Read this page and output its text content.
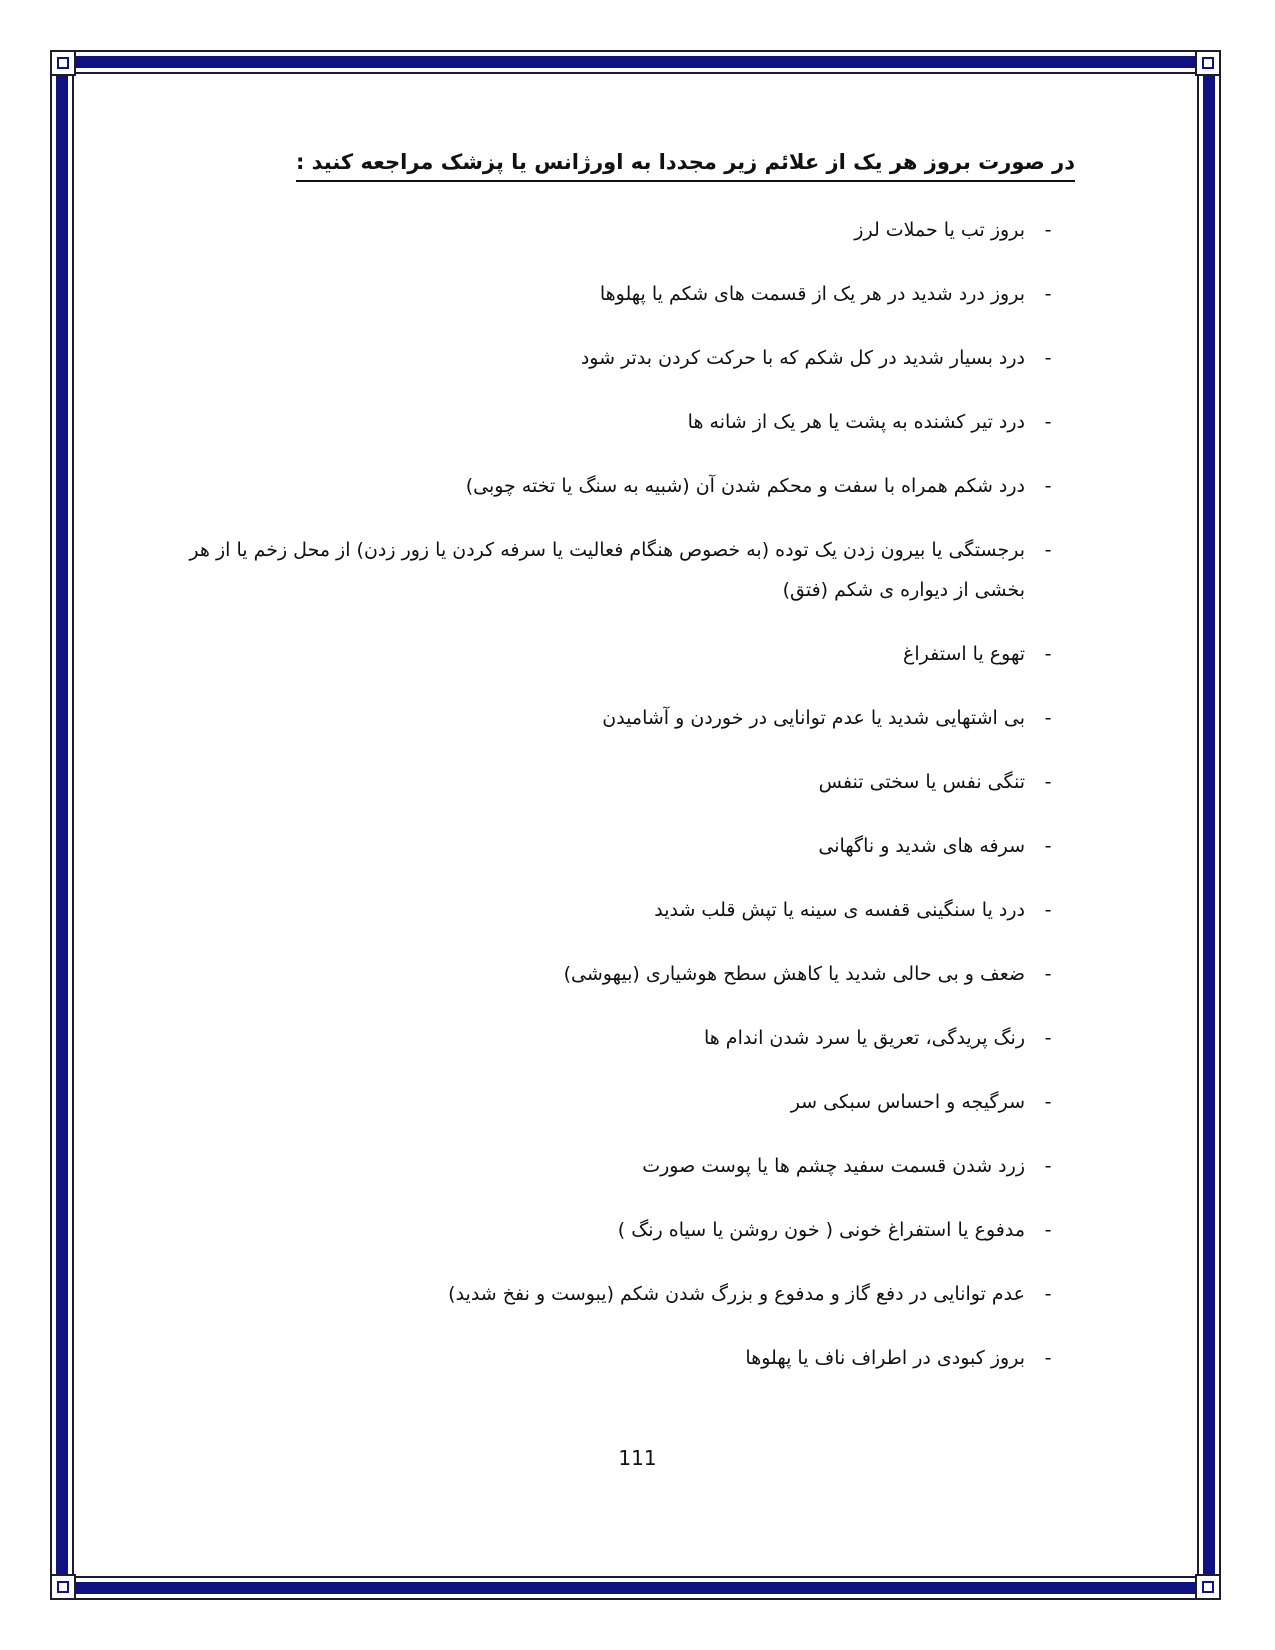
در صورت بروز هر یک از علائم زیر مجددا به اورژانس یا پزشک مراجعه کنید :
-
بروز تب یا حملات لرز
-
بروز درد شدید در هر یک از قسمت های شکم یا پهلوها
-
درد بسیار شدید در کل شکم که با حرکت کردن بدتر شود
-
درد تیر کشنده به پشت یا هر یک از شانه ها
-
درد شکم همراه با سفت و محکم شدن آن (شبیه به سنگ یا تخته چوبی)
-
برجستگی یا بیرون زدن یک توده (به خصوص هنگام فعالیت یا سرفه کردن یا زور زدن) از محل زخم یا از هر بخشی از دیواره ی شکم (فتق)
-
تهوع یا استفراغ
-
بی اشتهایی شدید یا عدم توانایی در خوردن و آشامیدن
-
تنگی نفس یا سختی تنفس
-
سرفه های شدید و ناگهانی
-
درد یا سنگینی قفسه ی سینه یا تپش قلب شدید
-
ضعف و بی حالی شدید یا کاهش سطح هوشیاری (بیهوشی)
-
رنگ پریدگی، تعریق یا سرد شدن اندام ها
-
سرگیجه و احساس سبکی سر
-
زرد شدن قسمت سفید چشم ها یا پوست صورت
-
مدفوع یا استفراغ خونی ( خون روشن یا سیاه رنگ )
-
عدم توانایی در دفع گاز و مدفوع و بزرگ شدن شکم (یبوست و نفخ شدید)
-
بروز کبودی در اطراف ناف یا پهلوها
111
